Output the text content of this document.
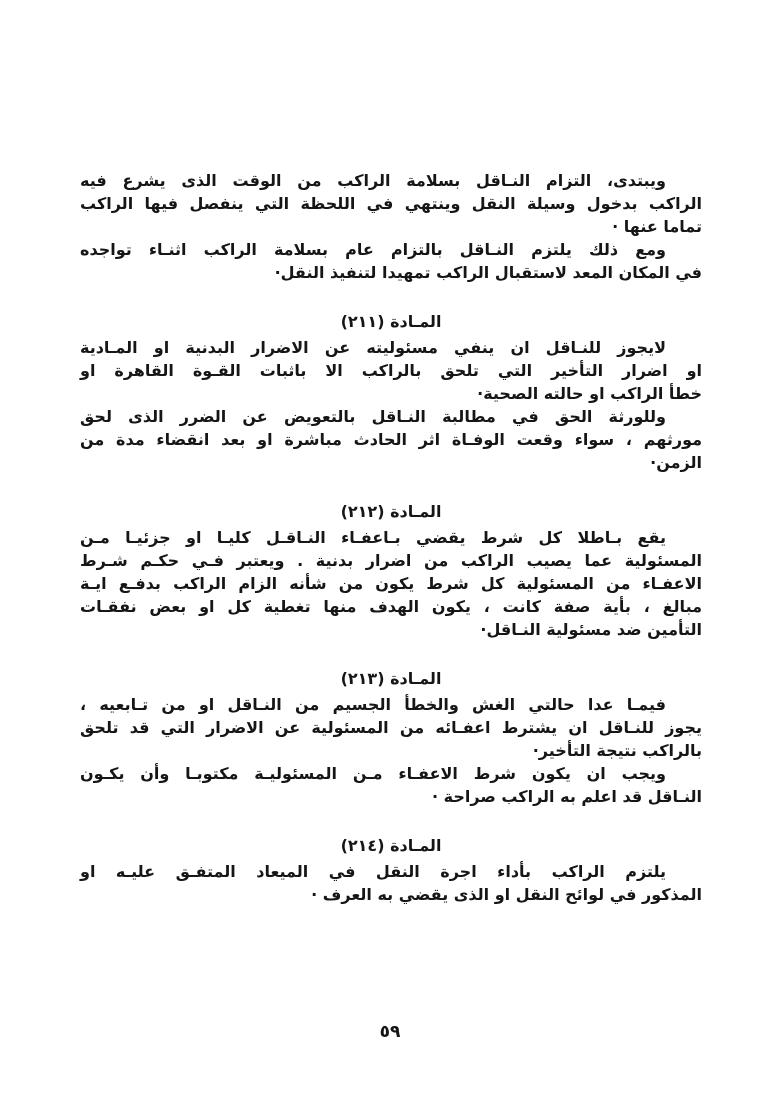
ويبتدى، التزام النـاقل بسلامة الراكب من الوقت الذى يشرع فيه
الراكب بدخول وسيلة النقل وينتهي في اللحظة التي ينفصل فيها الراكب
تماما عنها ·
ومع ذلك يلتزم النـاقل بالتزام عام بسلامة الراكب اثنـاء تواجده
في المكان المعد لاستقبال الراكب تمهيدا لتنفيذ النقل·
المـادة (٢١١)
لايجوز للنـاقل ان ينفي مسئوليته عن الاضرار البدنية او المـادية
او اضرار التأخير التي تلحق بالراكب الا باثبات القـوة القاهرة او
خطأ الراكب او حالته الصحية·
وللورثة الحق في مطالبة النـاقل بالتعويض عن الضرر الذى لحق
مورثهم ، سواء وقعت الوفـاة اثر الحادث مباشرة او بعد انقضاء مدة من
الزمن·
المـادة (٢١٢)
يقع بـاطلا كل شرط يقضي بـاعفـاء النـاقـل كليـا او جزئيـا مـن
المسئولية عما يصيب الراكب من اضرار بدنية . ويعتبر فـي حكـم شـرط
الاعفـاء من المسئولية كل شرط يكون من شأنه الزام الراكب بدفـع ايـة
مبالغ ، بأية صفة كانت ، يكون الهدف منها تغطية كل او بعض نفقـات
التأمين ضد مسئولية النـاقل·
المـادة (٢١٣)
فيمـا عدا حالتي الغش والخطأ الجسيم من النـاقل او من تـابعيه ،
يجوز للنـاقل ان يشترط اعفـائه من المسئولية عن الاضرار التي قد تلحق
بالراكب نتيجة التأخير·
ويجب ان يكون شرط الاعفـاء مـن المسئوليـة مكتوبـا وأن يكـون
النـاقل قد اعلم به الراكب صراحة ·
المـادة (٢١٤)
يلتزم الراكب بأداء اجرة النقل في الميعاد المتفـق عليـه او
المذكور في لوائح النقل او الذى يقضي به العرف ·
٥٩
